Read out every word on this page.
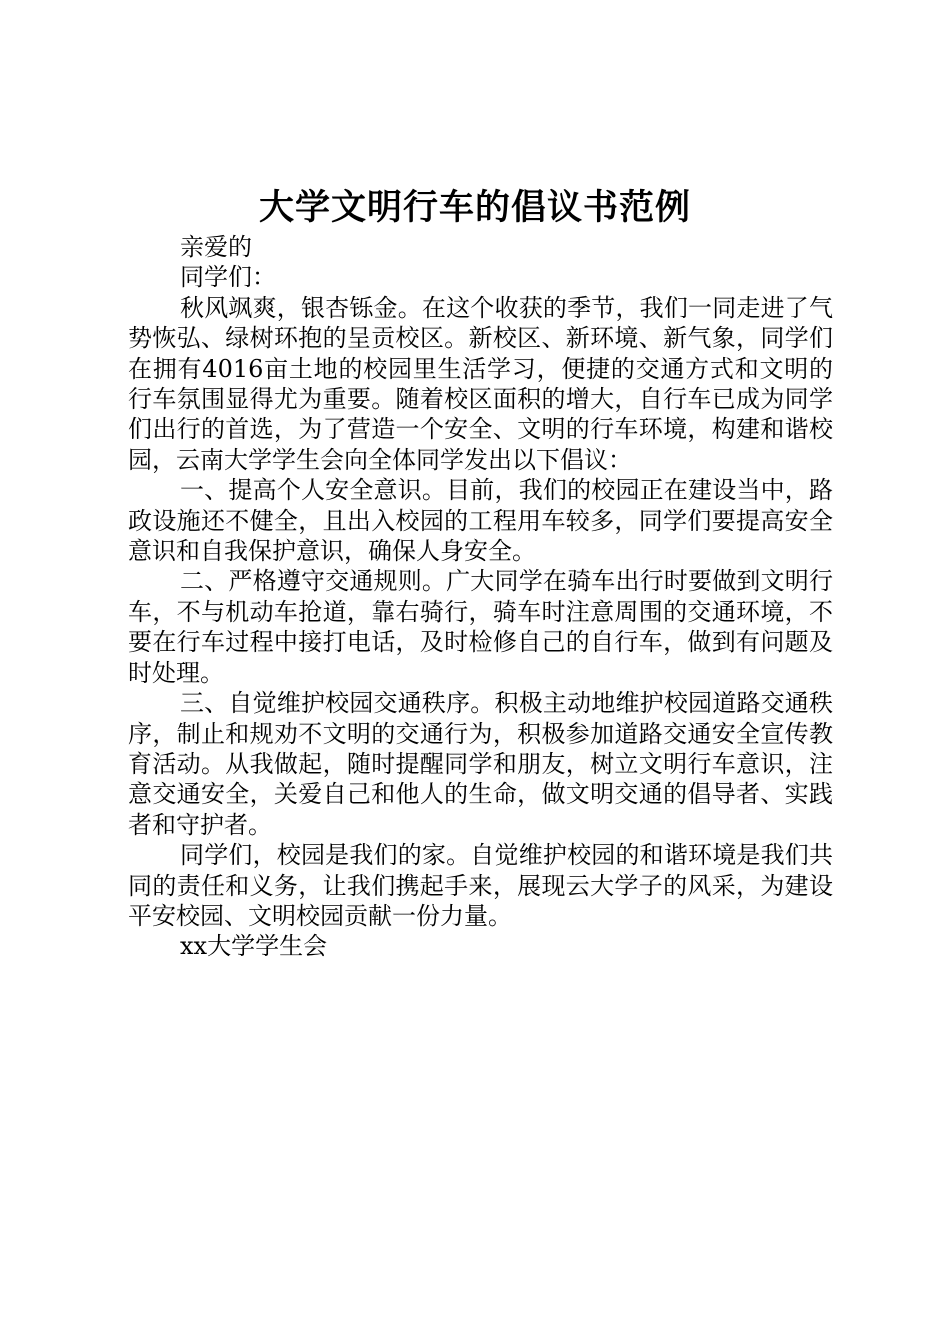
大学文明行车的倡议书范例
亲爱的
同学们：
秋风飒爽，银杏铄金。在这个收获的季节，我们一同走进了气势恢弘、绿树环抱的呈贡校区。新校区、新环境、新气象，同学们在拥有4016亩土地的校园里生活学习，便捷的交通方式和文明的行车氛围显得尤为重要。随着校区面积的增大，自行车已成为同学们出行的首选，为了营造一个安全、文明的行车环境，构建和谐校园，云南大学学生会向全体同学发出以下倡议：
一、提高个人安全意识。目前，我们的校园正在建设当中，路政设施还不健全，且出入校园的工程用车较多，同学们要提高安全意识和自我保护意识，确保人身安全。
二、严格遵守交通规则。广大同学在骑车出行时要做到文明行车，不与机动车抢道，靠右骑行，骑车时注意周围的交通环境，不要在行车过程中接打电话，及时检修自己的自行车，做到有问题及时处理。
三、自觉维护校园交通秩序。积极主动地维护校园道路交通秩序，制止和规劝不文明的交通行为，积极参加道路交通安全宣传教育活动。从我做起，随时提醒同学和朋友，树立文明行车意识，注意交通安全，关爱自己和他人的生命，做文明交通的倡导者、实践者和守护者。
同学们，校园是我们的家。自觉维护校园的和谐环境是我们共同的责任和义务，让我们携起手来，展现云大学子的风采，为建设平安校园、文明校园贡献一份力量。
xx大学学生会
